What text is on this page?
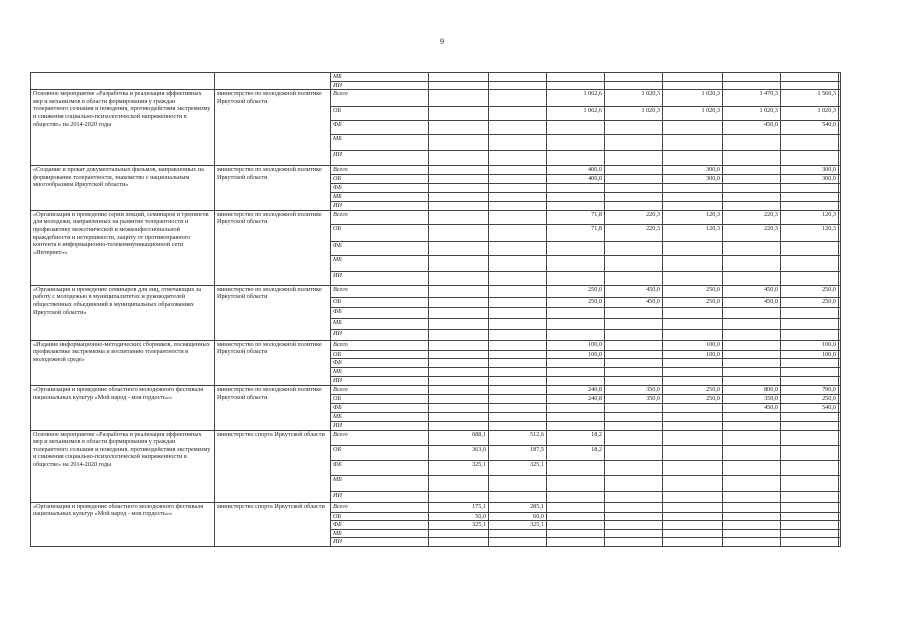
9
		МБ								
		ИИ								
Основное мероприятие «Разработка и реализация эффективных мер и механизмов в области формирования у граждан толерантного сознания и поведения, противодействия экстремизму и снижения социально-психологической напряженности в обществе» на 2014-2020 годы	министерство по молодежной политике Иркутской области	Всего			1 062,6	1 020,3	1 020,3	1 470,3	1 560,3	
		ОБ			1 062,6	1 020,3	1 020,3	1 020,3	1 020,3	
		ФБ						450,0	540,0	
		МБ								
		ИИ								
«Создание и прокат документальных фильмов, направленных на формирование толерантности, знакомство с национальным многообразием Иркутской области»	министерство по молодежной политике Иркутской области	Всего			400,0		300,0		300,0	
		ОБ			400,0		300,0		300,0	
		ФБ								
		МБ								
		ИИ								
«Организация и проведение серии лекций, семинаров и тренингов для молодежи, направленных на развитие толерантности и профилактику межэтнической и межконфессиональной враждебности и нетерпимости, защиту от противоправного контента в информационно-телекоммуникационной сети «Интернет»»	министерство по молодежной политике Иркутской области	Всего			71,8	220,3	120,3	220,3	120,3	
		ОБ			71,8	220,3	120,3	220,3	120,3	
		ФБ								
		МБ								
		ИИ								
«Организация и проведение семинаров для лиц, отвечающих за работу с молодежью в муниципалитетах и руководителей общественных объединений в муниципальных образованиях Иркутской области»	министерство по молодежной политике Иркутской области	Всего			250,0	450,0	250,0	450,0	250,0	
		ОБ			250,0	450,0	250,0	450,0	250,0	
		ФБ								
		МБ								
		ИИ								
«Издание информационно-методических сборников, посвященных профилактике экстремизма и воспитанию толерантности в молодежной среде»	министерство по молодежной политике Иркутской области	Всего			100,0		100,0		100,0	
		ОБ			100,0		100,0		100,0	
		ФБ								
		МБ								
		ИИ								
«Организация и проведение областного молодежного фестиваля национальных культур «Мой народ - моя гордость»»	министерство по молодежной политике Иркутской области	Всего			240,8	350,0	250,0	800,0	790,0	
		ОБ			240,8	350,0	250,0	350,0	250,0	
		ФБ						450,0	540,0	
		МБ								
		ИИ								
Основное мероприятие «Разработка и реализация эффективных мер и механизмов в области формирования у граждан толерантного сознания и поведения, противодействия экстремизму и снижения социально-психологической напряженности в обществе» на 2014-2020 годы	министерство спорта Иркутской области	Всего	688,1	512,6	18,2					
		ОБ	363,0	187,5	18,2					
		ФБ	325,1	325,1						
		МБ								
		ИИ								
«Организация и проведение областного молодежного фестиваля национальных культур «Мой народ - моя гордость»»	министерство спорта Иркутской области	Всего	175,1	285,1						
		ОБ	50,0	60,0						
		ФБ	325,1	325,1						
		МБ								
		ИИ								
